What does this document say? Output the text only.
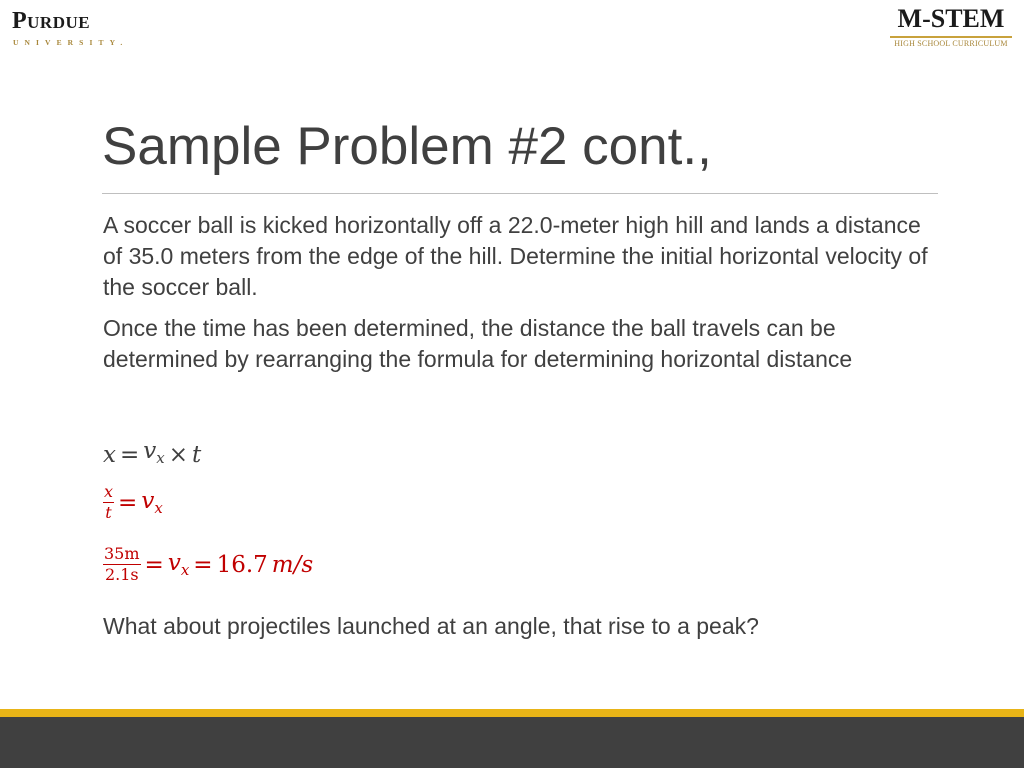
Purdue
UNIVERSITY.
M-STEM
HIGH SCHOOL CURRICULUM
Sample Problem #2 cont.,

A soccer ball is kicked horizontally off a 22.0-meter high hill and lands a distance of 35.0 meters from the edge of the hill. Determine the initial horizontal velocity of the soccer ball.

Once the time has been determined, the distance the ball travels can be determined by rearranging the formula for determining horizontal distance

$x = v_x \times t$
$\frac{x}{t} = v_x$
$\frac{35m}{2.1s} = v_x = 16.7$ m/s
What about projectiles launched at an angle, that rise to a peak?
